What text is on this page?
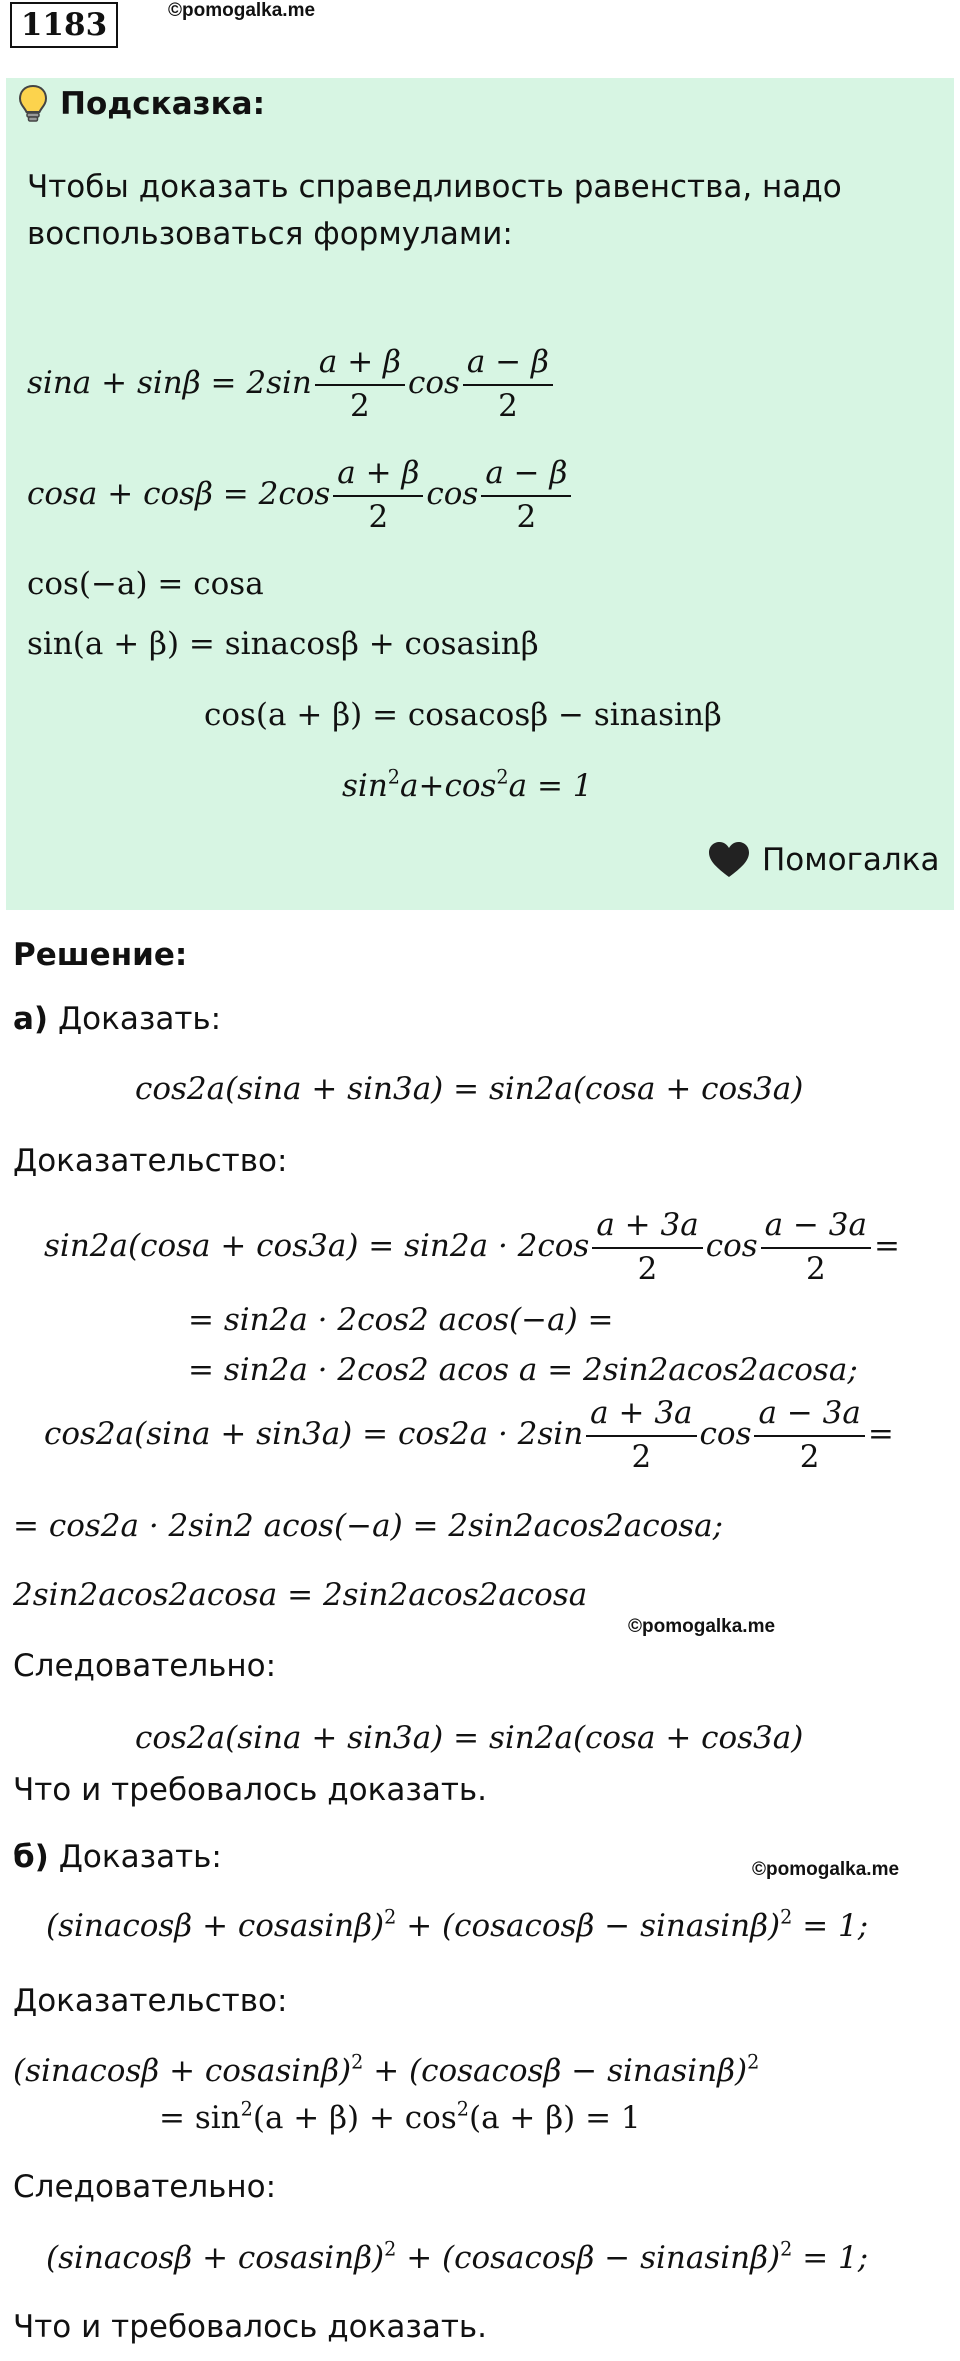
1183	©pomogalka.me
Подсказка:
Чтобы доказать справедливость равенства, надо
воспользоваться формулами:
$\sin a + \sin\beta = 2\sin \frac{a + \beta}{2}$ $\cos \frac{a - \beta}{2}$
$\cos a + \cos\beta = 2\cos \frac{a + \beta}{2}$ $\cos \frac{a - \beta}{2}$
cos(−a) = cosa
sin(a + β) = sinacosβ + cosasinβ
cos(a + β) = cosacosβ − sinasinβ
$\sin^2a+\cos^2a = 1$
Помогалка
Решение:
а) Доказать:
cos2a(sina + sin3a) = sin2a(cosa + cos3a)
Доказательство:
$\sin 2a(\cos a + \cos 3a) = \sin 2a \cdot 2\cos \frac{a + 3a}{2}$ $\cos \frac{a - 3a}{2}$ =
= sin2a · 2cos2 acos(−a) =
= sin2a · 2cos2 acos a = 2sin2acos2acosa;
$\cos 2a(\sin a + \sin 3a) = \cos 2a \cdot 2\sin \frac{a + 3a}{2}$ $\cos \frac{a - 3a}{2}$ =
= cos2a · 2sin2 acos(−a) = 2sin2acos2acosa;
2sin2acos2acosa = 2sin2acos2acosa
©pomogalka.me
Следовательно:
cos2a(sina + sin3a) = sin2a(cosa + cos3a)
Что и требовалось доказать.
б) Доказать:	©pomogalka.me
(sinacosβ + cosasinβ)$^2$ + (cosacosβ − sinasinβ)$^2$ = 1;
Доказательство:
(sinacosβ + cosasinβ)$^2$ + (cosacosβ − sinasinβ)$^2$
= $\sin^2(a + \beta) + \cos^2(a + \beta) = 1$
Следовательно:
(sinacosβ + cosasinβ)$^2$ + (cosacosβ − sinasinβ)$^2$ = 1;
Что и требовалось доказать.
